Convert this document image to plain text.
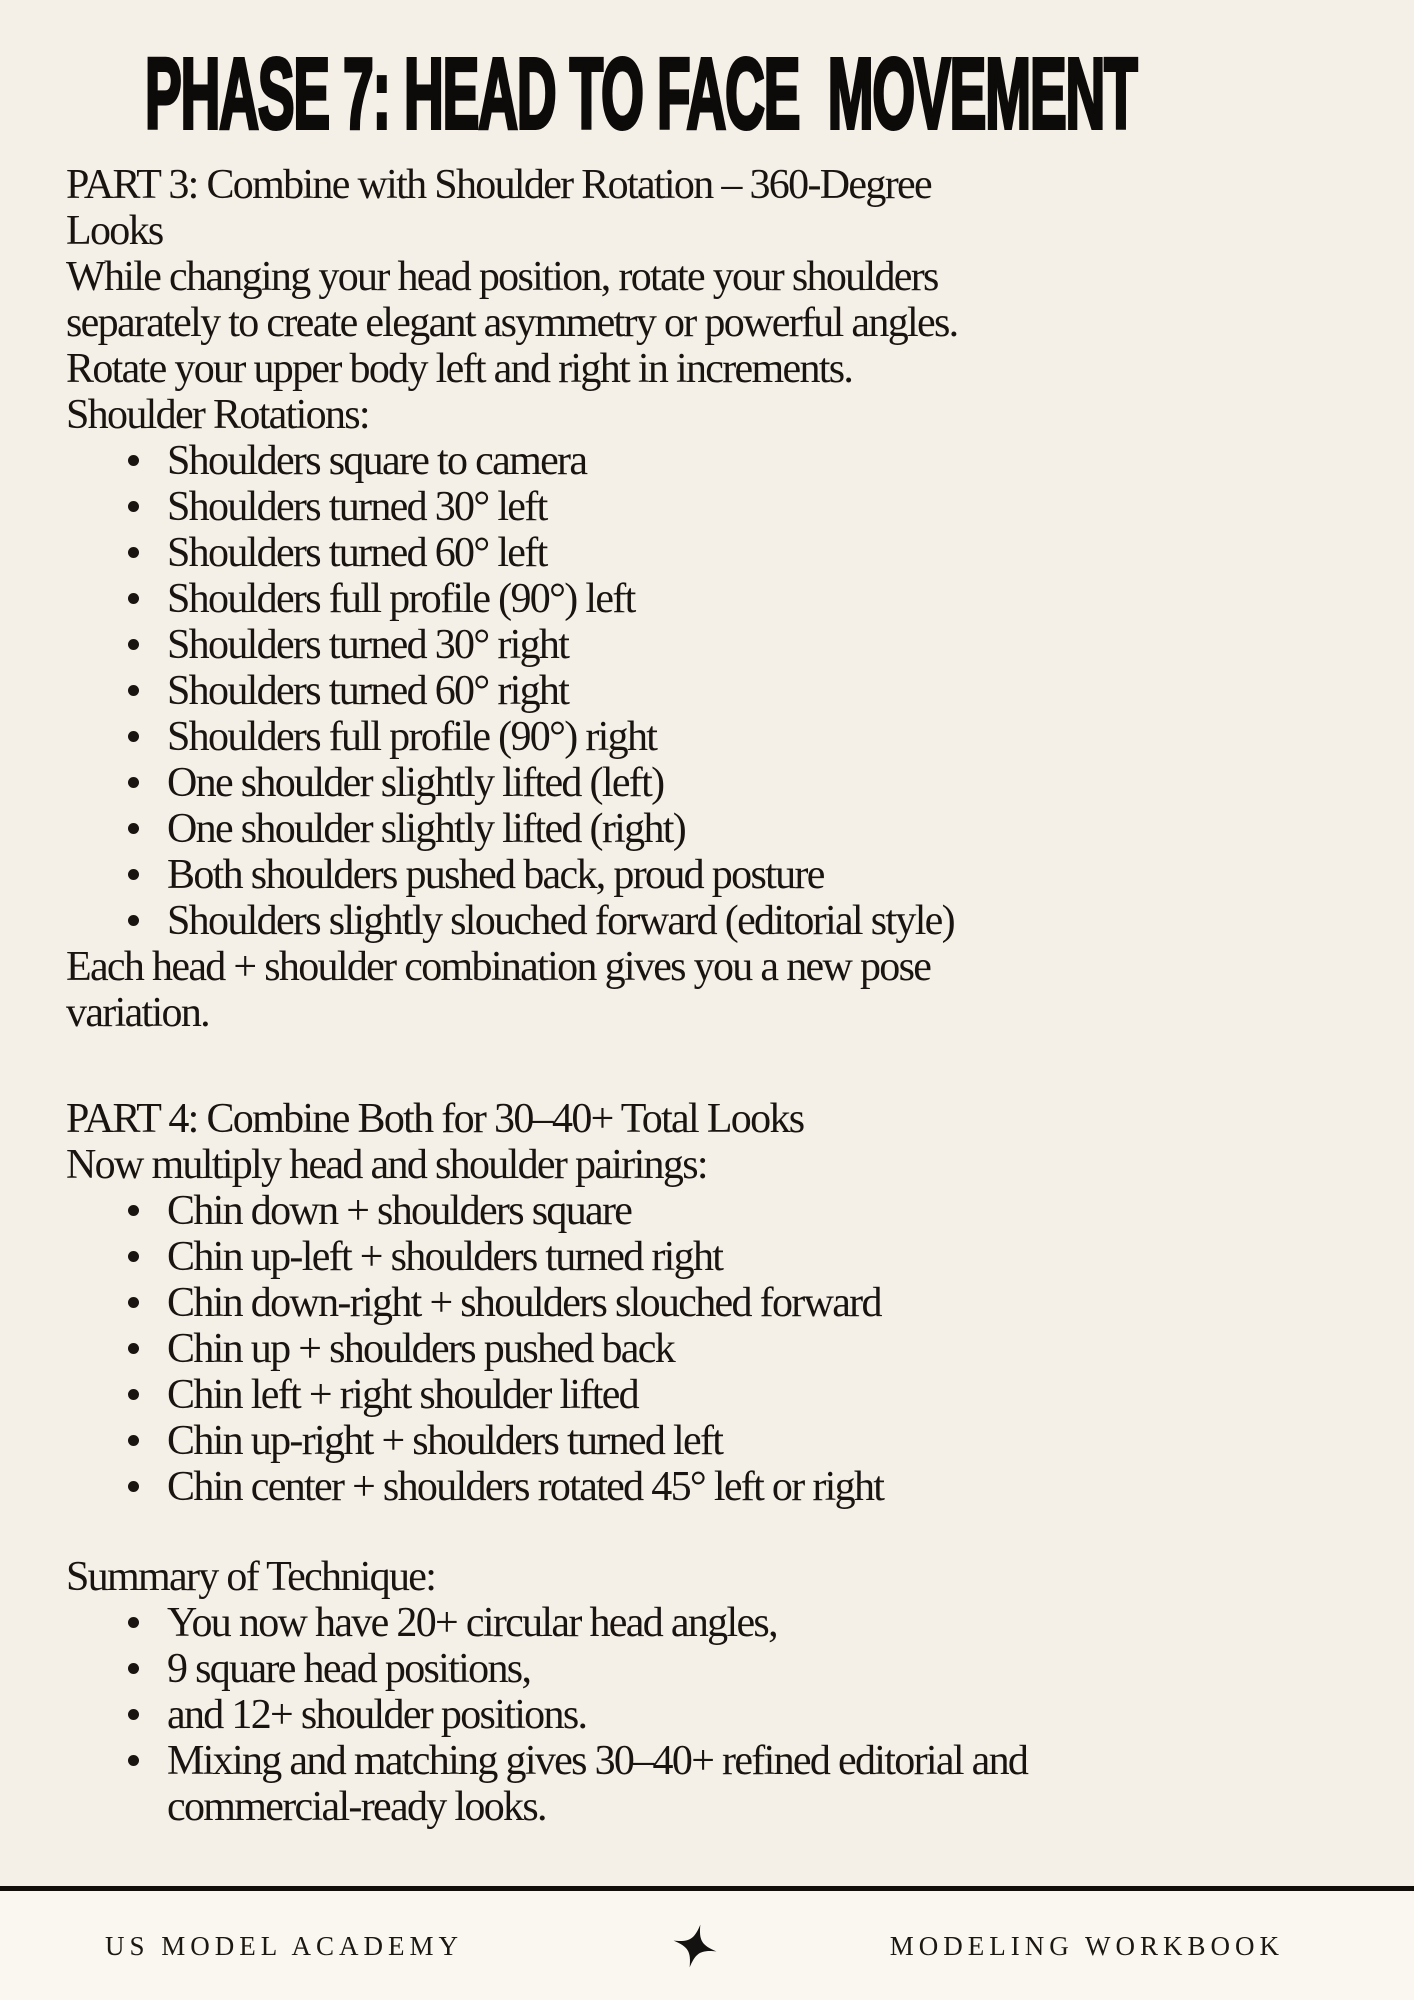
PHASE 7: HEAD TO FACE  MOVEMENT
PART 3: Combine with Shoulder Rotation – 360-Degree
Looks
While changing your head position, rotate your shoulders
separately to create elegant asymmetry or powerful angles.
Rotate your upper body left and right in increments.
Shoulder Rotations:
Shoulders square to camera
Shoulders turned 30° left
Shoulders turned 60° left
Shoulders full profile (90°) left
Shoulders turned 30° right
Shoulders turned 60° right
Shoulders full profile (90°) right
One shoulder slightly lifted (left)
One shoulder slightly lifted (right)
Both shoulders pushed back, proud posture
Shoulders slightly slouched forward (editorial style)
Each head + shoulder combination gives you a new pose
variation.
PART 4: Combine Both for 30–40+ Total Looks
Now multiply head and shoulder pairings:
Chin down + shoulders square
Chin up-left + shoulders turned right
Chin down-right + shoulders slouched forward
Chin up + shoulders pushed back
Chin left + right shoulder lifted
Chin up-right + shoulders turned left
Chin center + shoulders rotated 45° left or right
Summary of Technique:
You now have 20+ circular head angles,
9 square head positions,
and 12+ shoulder positions.
Mixing and matching gives 30–40+ refined editorial and
commercial-ready looks.
US MODEL ACADEMY	MODELING WORKBOOK
